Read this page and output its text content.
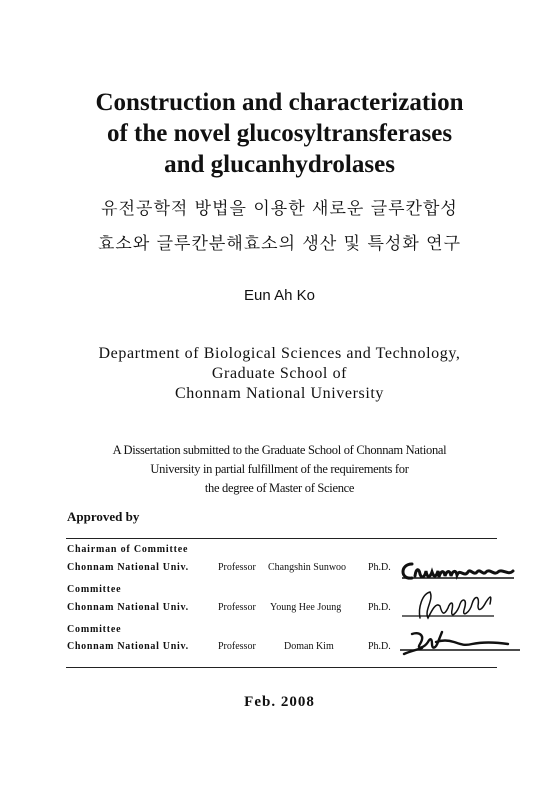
Construction and characterization
of the novel glucosyltransferases
and glucanhydrolases
유전공학적 방법을 이용한 새로운 글루칸합성
효소와 글루칸분해효소의 생산 및 특성화 연구
Eun Ah Ko
Department of Biological Sciences and Technology,
Graduate School of
Chonnam National University
A Dissertation submitted to the Graduate School of Chonnam National
University in partial fulfillment of the requirements for
the degree of Master of Science
Approved by
Chairman of Committee
Chonnam National Univ.	Professor Changshin Sunwoo Ph.D.
Committee
Chonnam National Univ.	Professor Young Hee Joung	Ph.D.
Committee
Chonnam National Univ.	Professor	Doman Kim	Ph.D.
Feb. 2008
